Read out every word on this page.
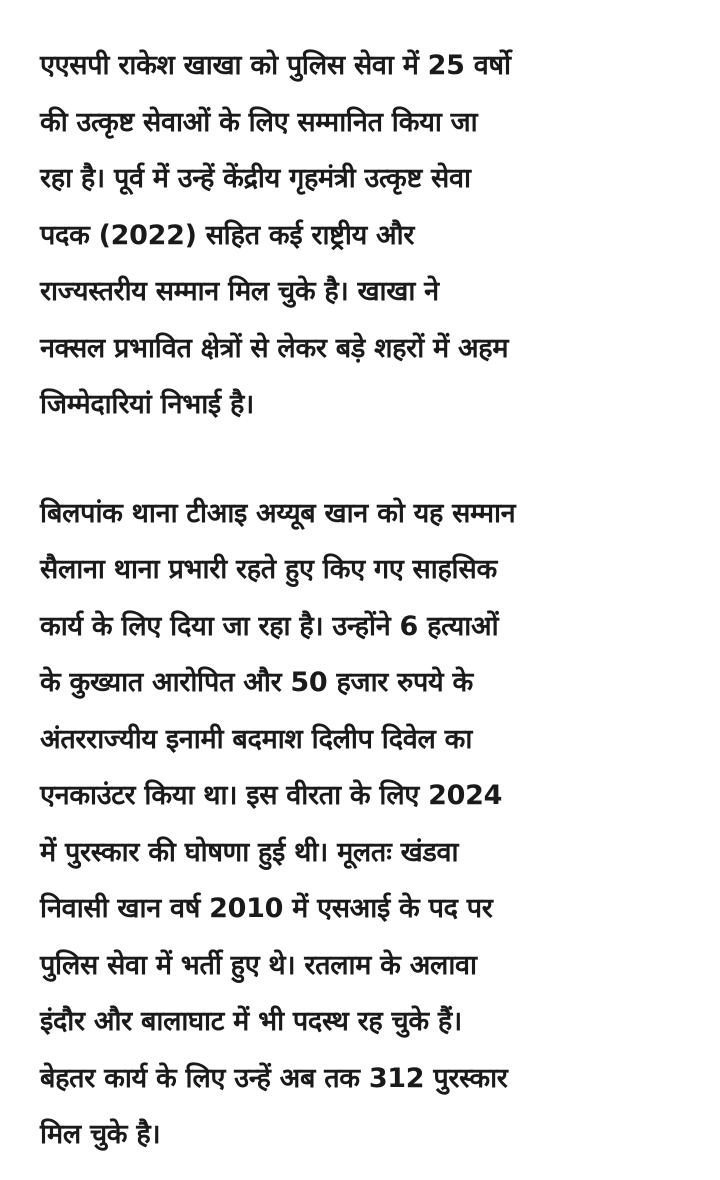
एएसपी राकेश खाखा को पुलिस सेवा में 25 वर्षो
की उत्कृष्ट सेवाओं के लिए सम्मानित किया जा
रहा है। पूर्व में उन्हें केंद्रीय गृहमंत्री उत्कृष्ट सेवा
पदक (2022) सहित कई राष्ट्रीय और
राज्यस्तरीय सम्मान मिल चुके है। खाखा ने
नक्सल प्रभावित क्षेत्रों से लेकर बड़े शहरों में अहम
जिम्मेदारियां निभाई है।

बिलपांक थाना टीआइ अय्यूब खान को यह सम्मान
सैलाना थाना प्रभारी रहते हुए किए गए साहसिक
कार्य के लिए दिया जा रहा है। उन्होंने 6 हत्याओं
के कुख्यात आरोपित और 50 हजार रुपये के
अंतरराज्यीय इनामी बदमाश दिलीप दिवेल का
एनकाउंटर किया था। इस वीरता के लिए 2024
में पुरस्कार की घोषणा हुई थी। मूलतः खंडवा
निवासी खान वर्ष 2010 में एसआई के पद पर
पुलिस सेवा में भर्ती हुए थे। रतलाम के अलावा
इंदौर और बालाघाट में भी पदस्थ रह चुके हैं।
बेहतर कार्य के लिए उन्हें अब तक 312 पुरस्कार
मिल चुके है।
